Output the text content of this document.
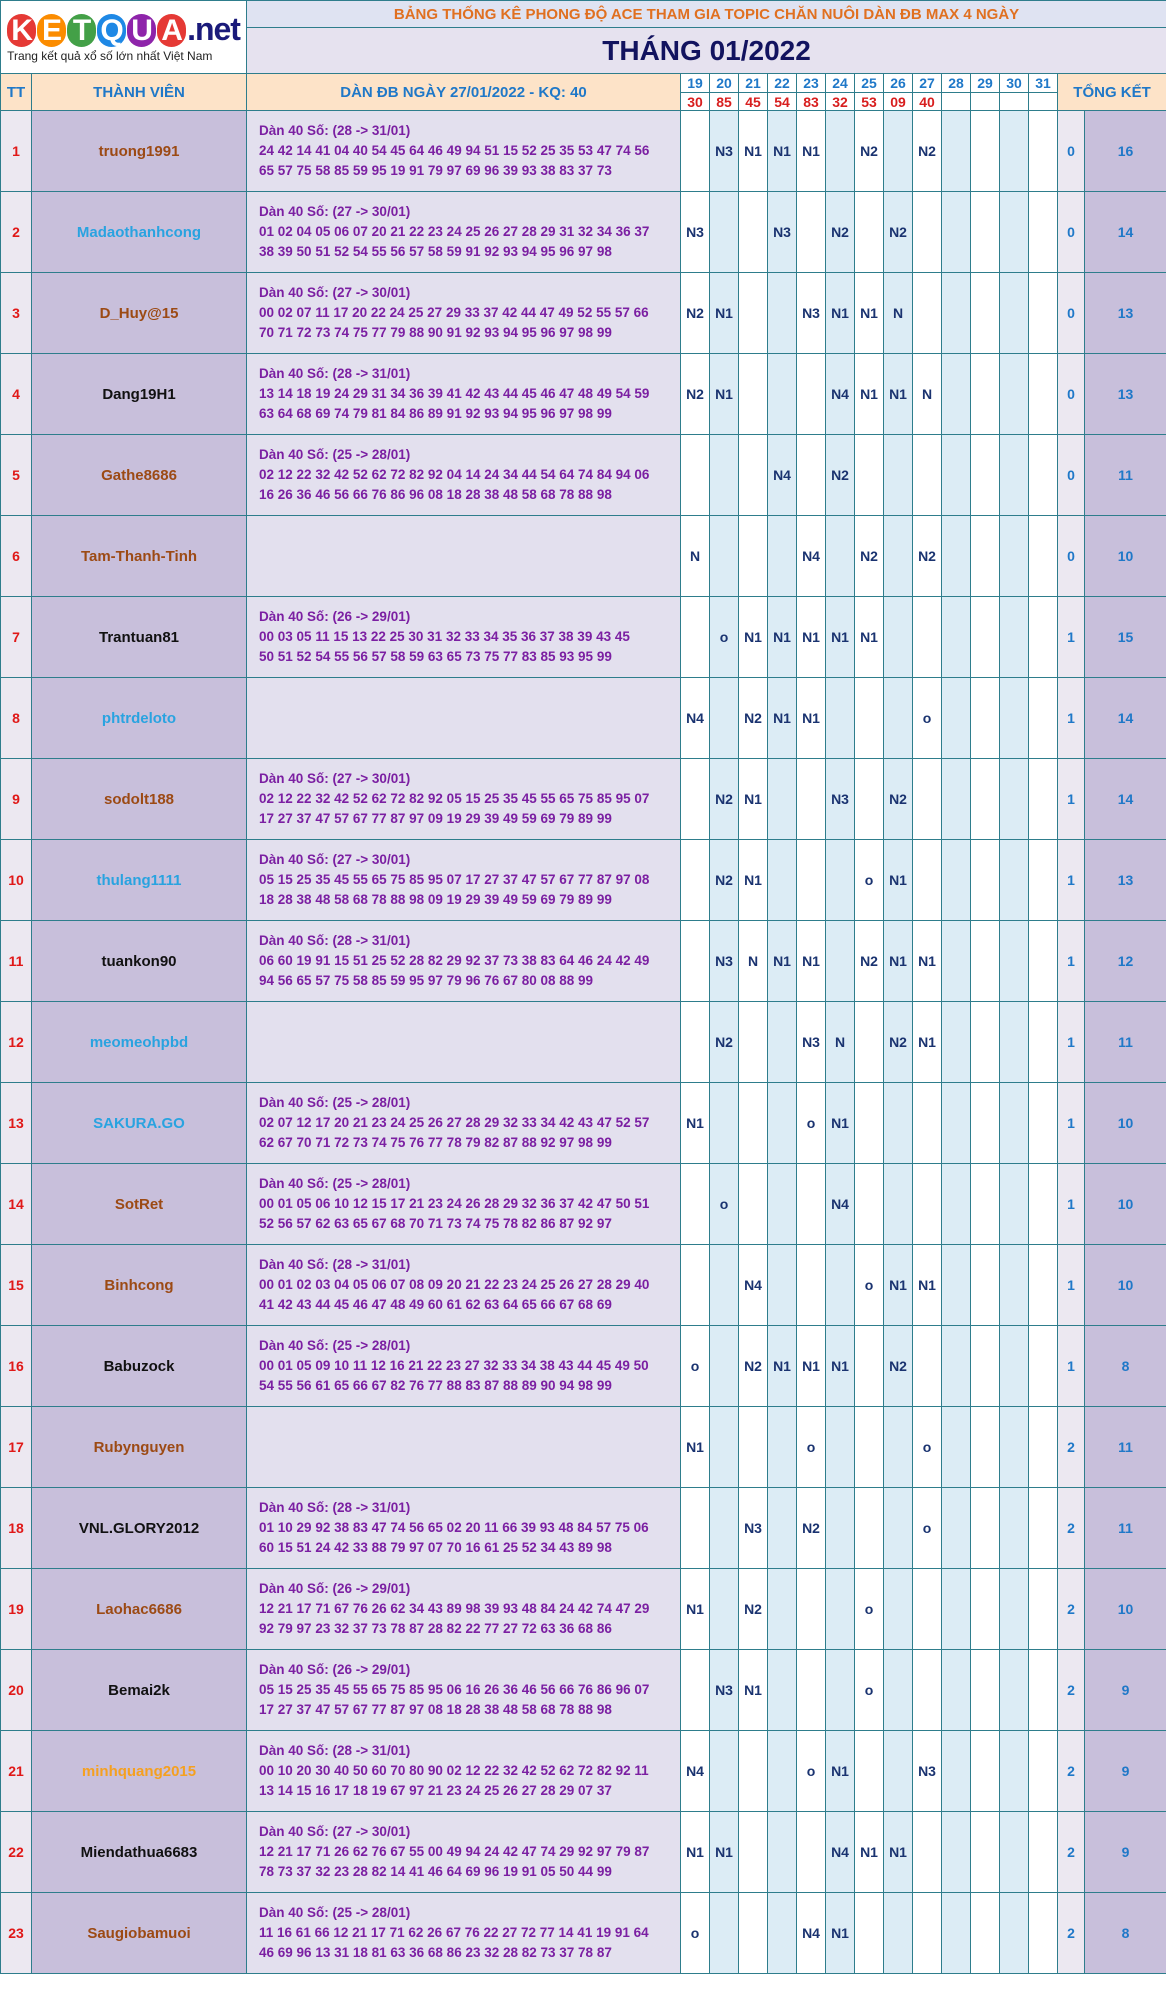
K E T Q U A .net
Trang kết quả xổ số lớn nhất Việt Nam		BẢNG THỐNG KÊ PHONG ĐỘ ACE THAM GIA TOPIC CHĂN NUÔI DÀN ĐB MAX 4 NGÀY															
		THÁNG 01/2022															
TT	THÀNH VIÊN	DÀN ĐB NGÀY 27/01/2022 - KQ: 40	19	20	21	22	23	24	25	26	27	28	29	30	31	TỔNG KẾT	
			30	85	45	54	83	32	53	09	40						
1	truong1991	Dàn 40 Số: (28 -> 31/01)
24 42 14 41 04 40 54 45 64 46 49 94 51 15 52 25 35 53 47 74 56
65 57 75 58 85 59 95 19 91 79 97 69 96 39 93 38 83 37 73		N3	N1	N1	N1		N2		N2					0	16
2	Madaothanhcong	Dàn 40 Số: (27 -> 30/01)
01 02 04 05 06 07 20 21 22 23 24 25 26 27 28 29 31 32 34 36 37
38 39 50 51 52 54 55 56 57 58 59 91 92 93 94 95 96 97 98	N3			N3		N2		N2						0	14
3	D_Huy@15	Dàn 40 Số: (27 -> 30/01)
00 02 07 11 17 20 22 24 25 27 29 33 37 42 44 47 49 52 55 57 66
70 71 72 73 74 75 77 79 88 90 91 92 93 94 95 96 97 98 99	N2	N1			N3	N1	N1	N						0	13
4	Dang19H1	Dàn 40 Số: (28 -> 31/01)
13 14 18 19 24 29 31 34 36 39 41 42 43 44 45 46 47 48 49 54 59
63 64 68 69 74 79 81 84 86 89 91 92 93 94 95 96 97 98 99	N2	N1				N4	N1	N1	N					0	13
5	Gathe8686	Dàn 40 Số: (25 -> 28/01)
02 12 22 32 42 52 62 72 82 92 04 14 24 34 44 54 64 74 84 94 06
16 26 36 46 56 66 76 86 96 08 18 28 38 48 58 68 78 88 98				N4		N2								0	11
6	Tam-Thanh-Tinh		N				N4		N2		N2					0	10
7	Trantuan81	Dàn 40 Số: (26 -> 29/01)
00 03 05 11 15 13 22 25 30 31 32 33 34 35 36 37 38 39 43 45
50 51 52 54 55 56 57 58 59 63 65 73 75 77 83 85 93 95 99		o	N1	N1	N1	N1	N1							1	15
8	phtrdeloto		N4		N2	N1	N1				o					1	14
9	sodolt188	Dàn 40 Số: (27 -> 30/01)
02 12 22 32 42 52 62 72 82 92 05 15 25 35 45 55 65 75 85 95 07
17 27 37 47 57 67 77 87 97 09 19 29 39 49 59 69 79 89 99		N2	N1			N3		N2						1	14
10	thulang1111	Dàn 40 Số: (27 -> 30/01)
05 15 25 35 45 55 65 75 85 95 07 17 27 37 47 57 67 77 87 97 08
18 28 38 48 58 68 78 88 98 09 19 29 39 49 59 69 79 89 99		N2	N1				o	N1						1	13
11	tuankon90	Dàn 40 Số: (28 -> 31/01)
06 60 19 91 15 51 25 52 28 82 29 92 37 73 38 83 64 46 24 42 49
94 56 65 57 75 58 85 59 95 97 79 96 76 67 80 08 88 99		N3	N	N1	N1		N2	N1	N1					1	12
12	meomeohpbd			N2			N3	N		N2	N1					1	11
13	SAKURA.GO	Dàn 40 Số: (25 -> 28/01)
02 07 12 17 20 21 23 24 25 26 27 28 29 32 33 34 42 43 47 52 57
62 67 70 71 72 73 74 75 76 77 78 79 82 87 88 92 97 98 99	N1				o	N1								1	10
14	SotRet	Dàn 40 Số: (25 -> 28/01)
00 01 05 06 10 12 15 17 21 23 24 26 28 29 32 36 37 42 47 50 51
52 56 57 62 63 65 67 68 70 71 73 74 75 78 82 86 87 92 97		o				N4								1	10
15	Binhcong	Dàn 40 Số: (28 -> 31/01)
00 01 02 03 04 05 06 07 08 09 20 21 22 23 24 25 26 27 28 29 40
41 42 43 44 45 46 47 48 49 60 61 62 63 64 65 66 67 68 69			N4				o	N1	N1					1	10
16	Babuzock	Dàn 40 Số: (25 -> 28/01)
00 01 05 09 10 11 12 16 21 22 23 27 32 33 34 38 43 44 45 49 50
54 55 56 61 65 66 67 82 76 77 88 83 87 88 89 90 94 98 99	o		N2	N1	N1	N1		N2						1	8
17	Rubynguyen		N1				o				o					2	11
18	VNL.GLORY2012	Dàn 40 Số: (28 -> 31/01)
01 10 29 92 38 83 47 74 56 65 02 20 11 66 39 93 48 84 57 75 06
60 15 51 24 42 33 88 79 97 07 70 16 61 25 52 34 43 89 98			N3		N2				o					2	11
19	Laohac6686	Dàn 40 Số: (26 -> 29/01)
12 21 17 71 67 76 26 62 34 43 89 98 39 93 48 84 24 42 74 47 29
92 79 97 23 32 37 73 78 87 28 82 22 77 27 72 63 36 68 86	N1		N2				o							2	10
20	Bemai2k	Dàn 40 Số: (26 -> 29/01)
05 15 25 35 45 55 65 75 85 95 06 16 26 36 46 56 66 76 86 96 07
17 27 37 47 57 67 77 87 97 08 18 28 38 48 58 68 78 88 98		N3	N1				o							2	9
21	minhquang2015	Dàn 40 Số: (28 -> 31/01)
00 10 20 30 40 50 60 70 80 90 02 12 22 32 42 52 62 72 82 92 11
13 14 15 16 17 18 19 67 97 21 23 24 25 26 27 28 29 07 37	N4				o	N1			N3					2	9
22	Miendathua6683	Dàn 40 Số: (27 -> 30/01)
12 21 17 71 26 62 76 67 55 00 49 94 24 42 47 74 29 92 97 79 87
78 73 37 32 23 28 82 14 41 46 64 69 96 19 91 05 50 44 99	N1	N1				N4	N1	N1						2	9
23	Saugiobamuoi	Dàn 40 Số: (25 -> 28/01)
11 16 61 66 12 21 17 71 62 26 67 76 22 27 72 77 14 41 19 91 64
46 69 96 13 31 18 81 63 36 68 86 23 32 28 82 73 37 78 87	o				N4	N1								2	8
